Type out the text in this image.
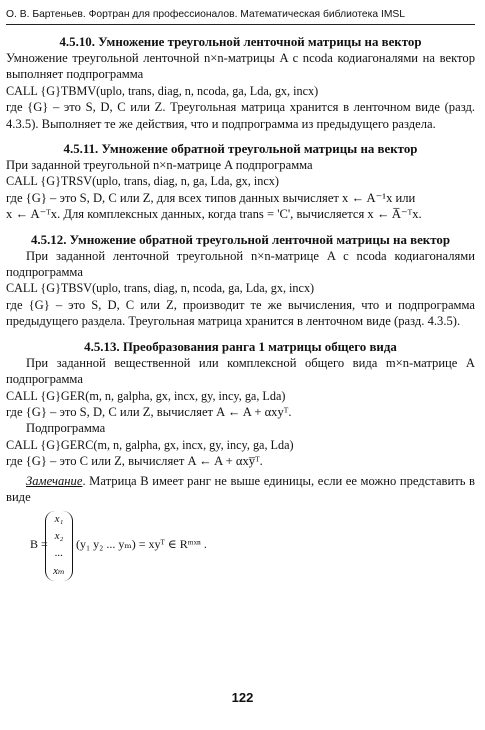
О. В. Бартеньев. Фортран для профессионалов. Математическая библиотека IMSL
4.5.10. Умножение треугольной ленточной матрицы на вектор

Умножение треугольной ленточной n×n-матрицы A с ncoda кодиагоналями на вектор выполняет подпрограмма

CALL {G}TBMV(uplo, trans, diag, n, ncoda, ga, Lda, gx, incx)

где {G} – это S, D, C или Z. Треугольная матрица хранится в ленточном виде (разд. 4.3.5). Выполняет те же действия, что и подпрограмма из предыдущего раздела.

4.5.11. Умножение обратной треугольной матрицы на вектор

При заданной треугольной n×n-матрице A подпрограмма

CALL {G}TRSV(uplo, trans, diag, n, ga, Lda, gx, incx)

где {G} – это S, D, C или Z, для всех типов данных вычисляет x ← A⁻¹x или

x ← A⁻ᵀx. Для комплексных данных, когда trans = 'C', вычисляется x ← A̅⁻ᵀx.

4.5.12. Умножение обратной треугольной ленточной матрицы на вектор

При заданной ленточной треугольной n×n-матрице A с ncoda кодиагоналями подпрограмма

CALL {G}TBSV(uplo, trans, diag, n, ncoda, ga, Lda, gx, incx)

где {G} – это S, D, C или Z, производит те же вычисления, что и подпрограмма предыдущего раздела. Треугольная матрица хранится в ленточном виде (разд. 4.3.5).

4.5.13. Преобразования ранга 1 матрицы общего вида

При заданной вещественной или комплексной общего вида m×n-матрице A подпрограмма

CALL {G}GER(m, n, galpha, gx, incx, gy, incy, ga, Lda)

где {G} – это S, D, C или Z, вычисляет A ← A + αxyᵀ.

Подпрограмма

CALL {G}GERC(m, n, galpha, gx, incx, gy, incy, ga, Lda)

где {G} – это C или Z, вычисляет A ← A + αxy̅ᵀ.

Замечание. Матрица B имеет ранг не выше единицы, если ее можно представить в виде

B =
x₁
x₂
...
xₘ
(y₁ y₂ ... yₘ) = xyᵀ ∈ Rᵐˣⁿ .
122
